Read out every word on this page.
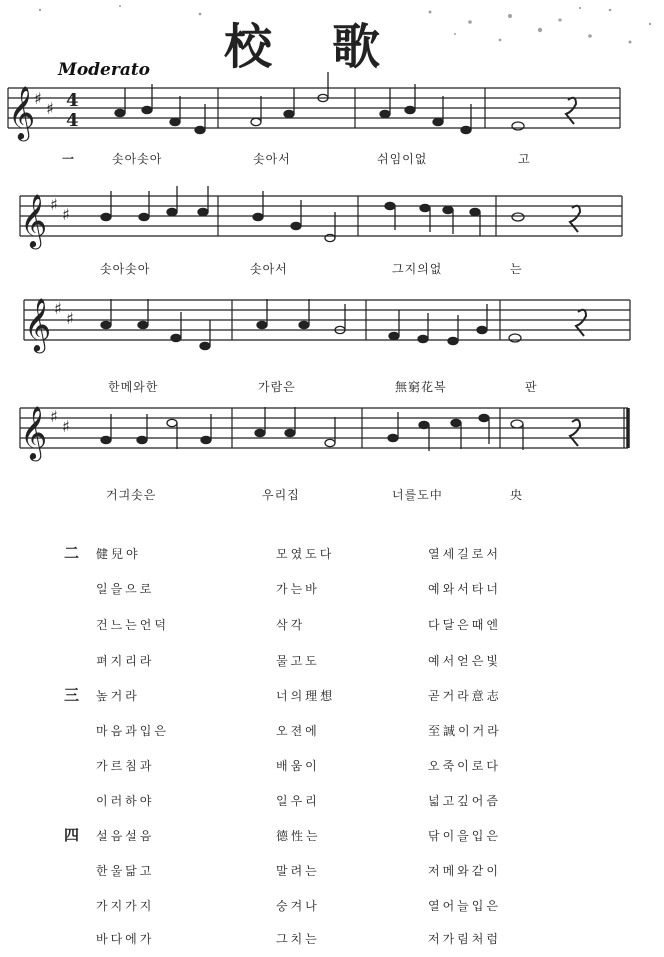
校歌
Moderato
𝄞
♯
♯
𝄞 ♯
♯
𝄞 ♯
♯
𝄞 ♯
♯
4
4
一	솟아솟아	솟아서	쉬임이없	고
솟아솟아	솟아서	그지의없	는
한메와한	가람은	無窮花복	판
거긔솟은	우리집	너를도中	央
二 健兒야	모였도다	열세길로서
일을으로	가는바	예와서타너
건느는언덕	삭각	다달은때엔
펴지리라	물고도	예서얻은빛
三 높거라	너의理想	곧거라意志
마음과입은	오젼에	至誠이거라
가르침과	배움이	오죽이로다
이러하야	일우리	넓고깊어즘
四 설음설음	德性는	닦이을입은
한울닮고	말려는	저메와같이
가지가지	숭겨나	열어늘입은
바다에가	그치는	저가림처럼
